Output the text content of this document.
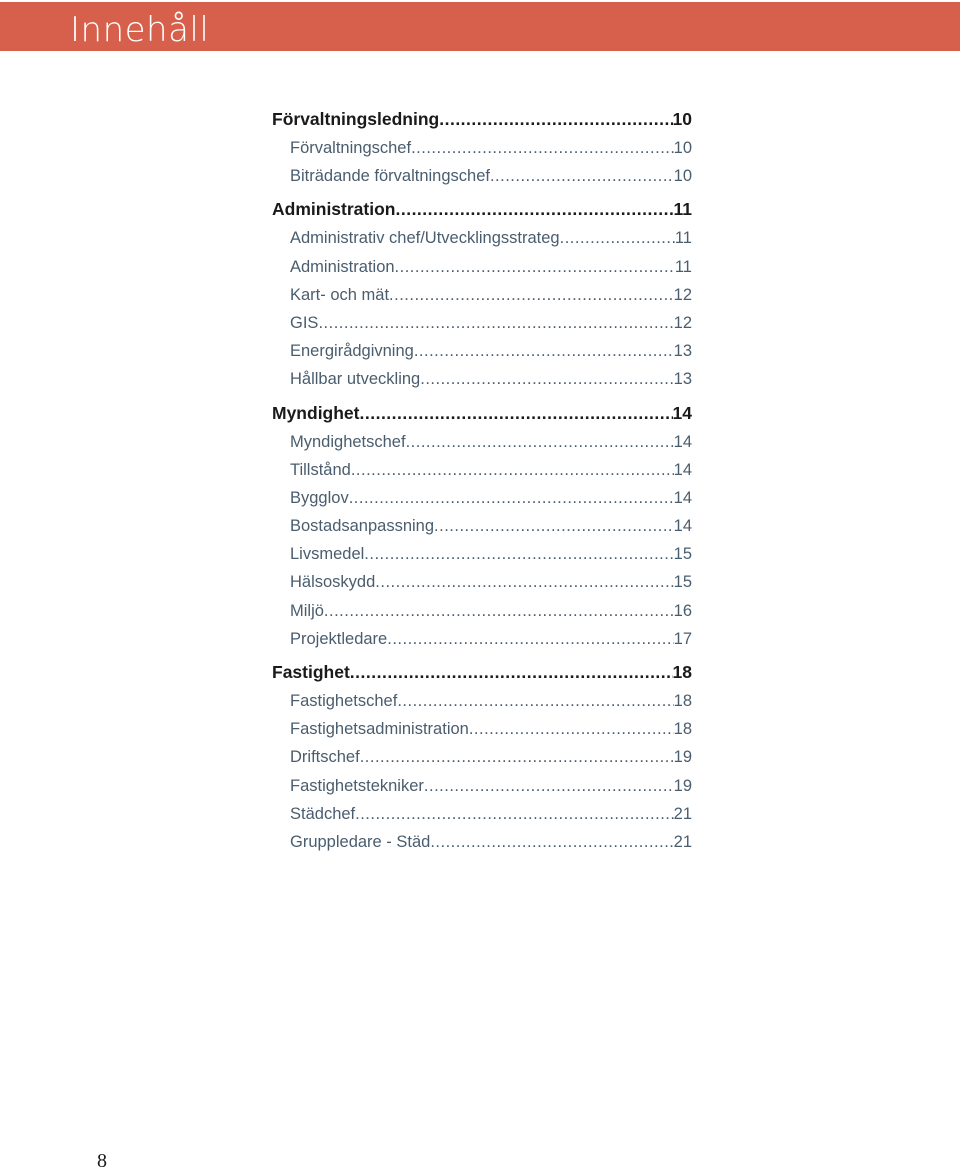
Innehåll
Förvaltningsledning .....	10
Förvaltningschef .....	10
Biträdande förvaltningschef .....	10
Administration .....	11
Administrativ chef/Utvecklingsstrateg .....	11
Administration .....	11
Kart- och mät .....	12
GIS .....	12
Energirådgivning .....	13
Hållbar utveckling .....	13
Myndighet .....	14
Myndighetschef .....	14
Tillstånd .....	14
Bygglov .....	14
Bostadsanpassning .....	14
Livsmedel .....	15
Hälsoskydd .....	15
Miljö .....	16
Projektledare .....	17
Fastighet .....	18
Fastighetschef .....	18
Fastighetsadministration .....	18
Driftschef .....	19
Fastighetstekniker .....	19
Städchef .....	21
Gruppledare - Städ .....	21
8
